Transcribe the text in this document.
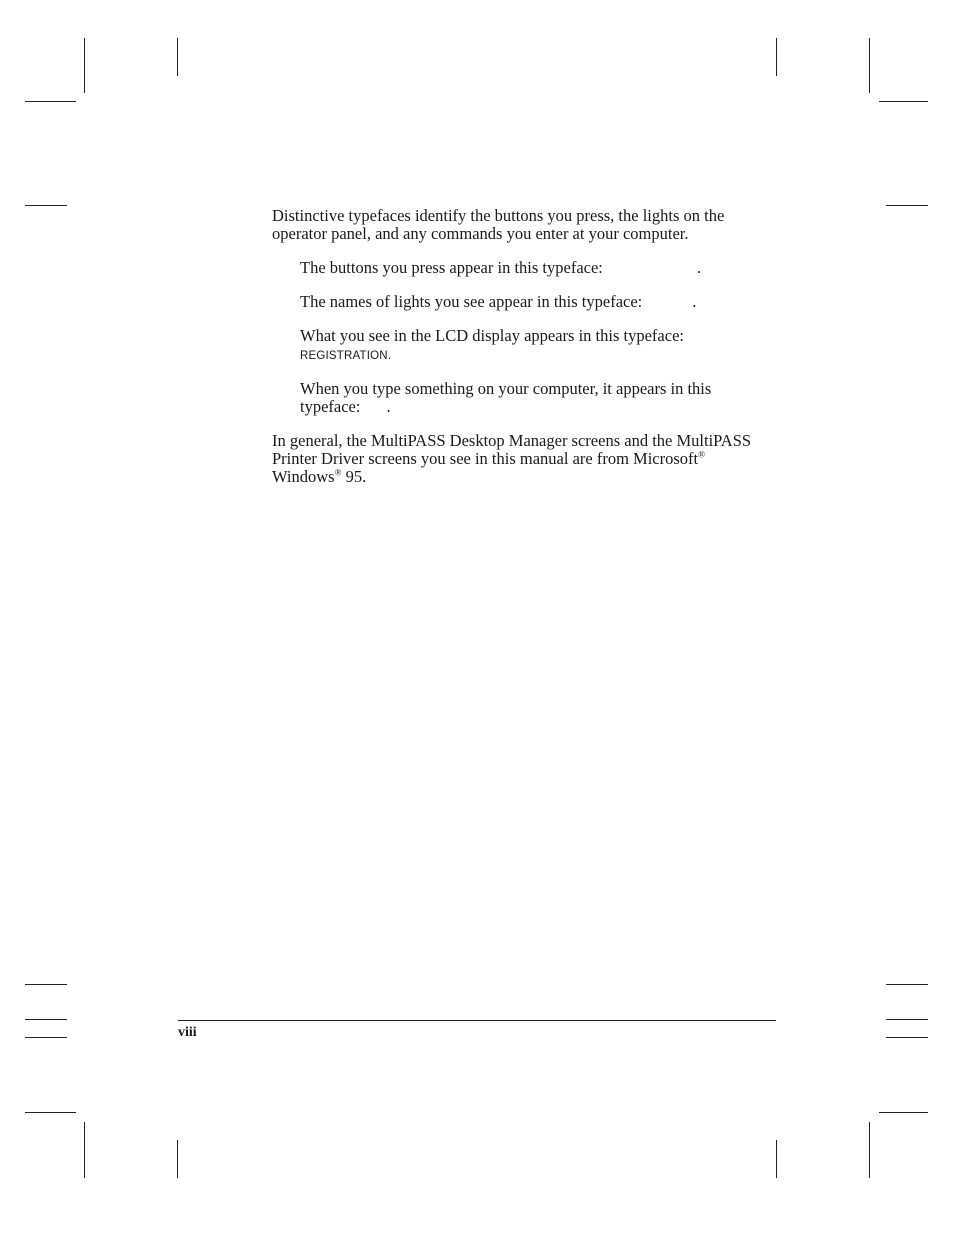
Distinctive typefaces identify the buttons you press, the lights on the operator panel, and any commands you enter at your computer.

The buttons you press appear in this typeface:	.

The names of lights you see appear in this typeface:	.

What you see in the LCD display appears in this typeface:
REGISTRATION.

When you type something on your computer, it appears in this typeface: .

In general, the MultiPASS Desktop Manager screens and the MultiPASS Printer Driver screens you see in this manual are from Microsoft®
Windows® 95.

viii
